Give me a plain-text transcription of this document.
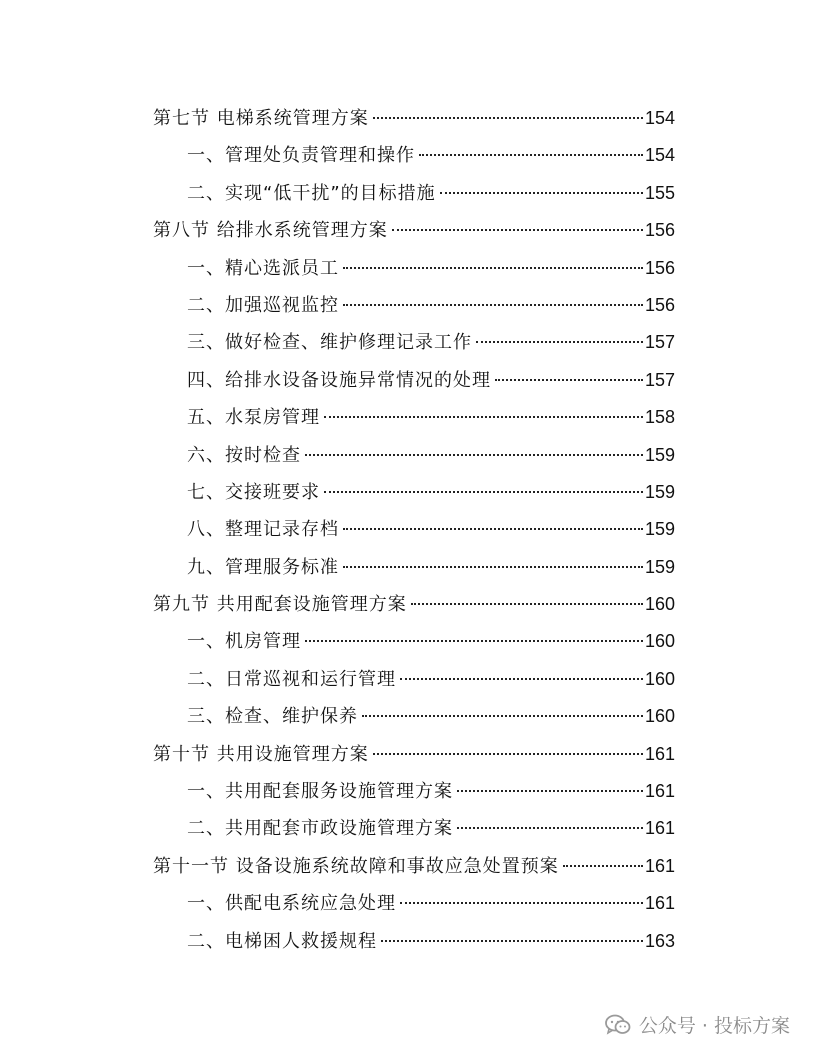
第七节 电梯系统管理方案	154
一、管理处负责管理和操作	154
二、实现“低干扰”的目标措施	155
第八节 给排水系统管理方案	156
一、精心选派员工	156
二、加强巡视监控	156
三、做好检查、维护修理记录工作	157
四、给排水设备设施异常情况的处理	157
五、水泵房管理	158
六、按时检查	159
七、交接班要求	159
八、整理记录存档	159
九、管理服务标准	159
第九节 共用配套设施管理方案	160
一、机房管理	160
二、日常巡视和运行管理	160
三、检查、维护保养	160
第十节 共用设施管理方案	161
一、共用配套服务设施管理方案	161
二、共用配套市政设施管理方案	161
第十一节 设备设施系统故障和事故应急处置预案	161
一、供配电系统应急处理	161
二、电梯困人救援规程	163
公众号 · 投标方案
